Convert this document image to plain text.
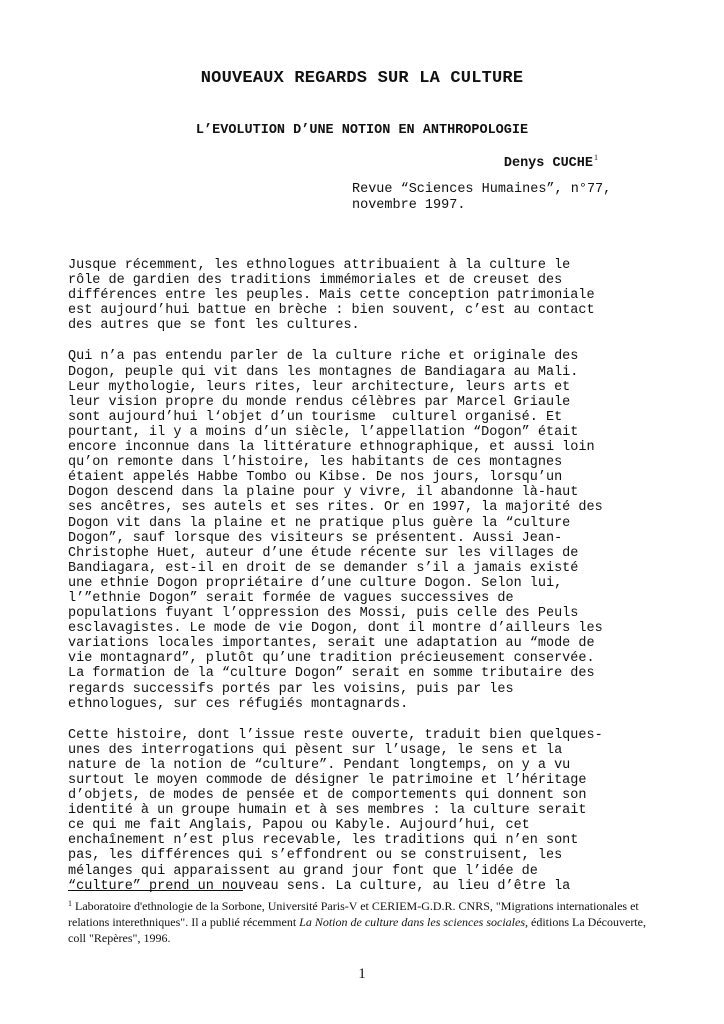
NOUVEAUX REGARDS SUR LA CULTURE
L’EVOLUTION D’UNE NOTION EN ANTHROPOLOGIE
Denys CUCHE$^1$
Revue “Sciences Humaines”, n°77,
novembre 1997.
Jusque récemment, les ethnologues attribuaient à la culture le
rôle de gardien des traditions immémoriales et de creuset des
différences entre les peuples. Mais cette conception patrimoniale
est aujourd’hui battue en brèche : bien souvent, c’est au contact
des autres que se font les cultures.
Qui n’a pas entendu parler de la culture riche et originale des
Dogon, peuple qui vit dans les montagnes de Bandiagara au Mali.
Leur mythologie, leurs rites, leur architecture, leurs arts et
leur vision propre du monde rendus célèbres par Marcel Griaule
sont aujourd’hui l‘objet d’un tourisme  culturel organisé. Et
pourtant, il y a moins d’un siècle, l’appellation “Dogon” était
encore inconnue dans la littérature ethnographique, et aussi loin
qu’on remonte dans l’histoire, les habitants de ces montagnes
étaient appelés Habbe Tombo ou Kibse. De nos jours, lorsqu’un
Dogon descend dans la plaine pour y vivre, il abandonne là-haut
ses ancêtres, ses autels et ses rites. Or en 1997, la majorité des
Dogon vit dans la plaine et ne pratique plus guère la “culture
Dogon”, sauf lorsque des visiteurs se présentent. Aussi Jean-
Christophe Huet, auteur d’une étude récente sur les villages de
Bandiagara, est-il en droit de se demander s’il a jamais existé
une ethnie Dogon propriétaire d’une culture Dogon. Selon lui,
l’”ethnie Dogon” serait formée de vagues successives de
populations fuyant l’oppression des Mossi, puis celle des Peuls
esclavagistes. Le mode de vie Dogon, dont il montre d’ailleurs les
variations locales importantes, serait une adaptation au “mode de
vie montagnard”, plutôt qu’une tradition précieusement conservée.
La formation de la “culture Dogon” serait en somme tributaire des
regards successifs portés par les voisins, puis par les
ethnologues, sur ces réfugiés montagnards.
Cette histoire, dont l’issue reste ouverte, traduit bien quelques-
unes des interrogations qui pèsent sur l’usage, le sens et la
nature de la notion de “culture”. Pendant longtemps, on y a vu
surtout le moyen commode de désigner le patrimoine et l’héritage
d’objets, de modes de pensée et de comportements qui donnent son
identité à un groupe humain et à ses membres : la culture serait
ce qui me fait Anglais, Papou ou Kabyle. Aujourd’hui, cet
enchaînement n’est plus recevable, les traditions qui n’en sont
pas, les différences qui s’effondrent ou se construisent, les
mélanges qui apparaissent au grand jour font que l’idée de
“culture” prend un nouveau sens. La culture, au lieu d’être la
$^1$ Laboratoire d'ethnologie de la Sorbone, Université Paris-V et CERIEM-G.D.R. CNRS, "Migrations internationales et relations interethniques". Il a publié récemment La Notion de culture dans les sciences sociales, éditions La Découverte, coll "Repères", 1996.
1
